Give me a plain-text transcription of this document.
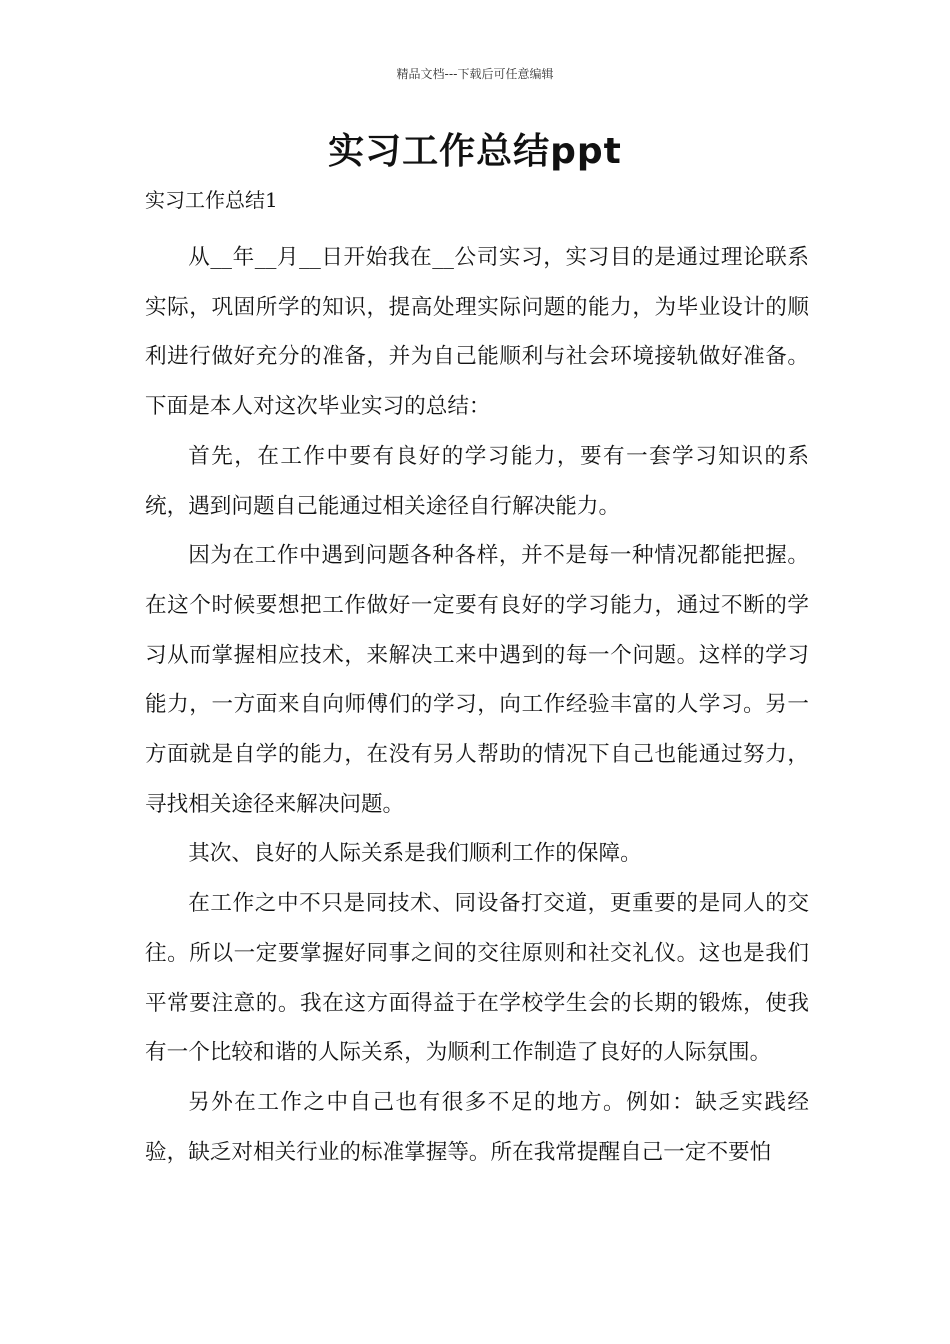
精品文档---下载后可任意编辑
实习工作总结ppt
实习工作总结1

从__年__月__日开始我在__公司实习，实习目的是通过理论联系实际，巩固所学的知识，提高处理实际问题的能力，为毕业设计的顺利进行做好充分的准备，并为自己能顺利与社会环境接轨做好准备。下面是本人对这次毕业实习的总结：

首先，在工作中要有良好的学习能力，要有一套学习知识的系统，遇到问题自己能通过相关途径自行解决能力。

因为在工作中遇到问题各种各样，并不是每一种情况都能把握。在这个时候要想把工作做好一定要有良好的学习能力，通过不断的学习从而掌握相应技术，来解决工来中遇到的每一个问题。这样的学习能力，一方面来自向师傅们的学习，向工作经验丰富的人学习。另一方面就是自学的能力，在没有另人帮助的情况下自己也能通过努力，寻找相关途径来解决问题。

其次、良好的人际关系是我们顺利工作的保障。

在工作之中不只是同技术、同设备打交道，更重要的是同人的交往。所以一定要掌握好同事之间的交往原则和社交礼仪。这也是我们平常要注意的。我在这方面得益于在学校学生会的长期的锻炼，使我有一个比较和谐的人际关系，为顺利工作制造了良好的人际氛围。

另外在工作之中自己也有很多不足的地方。例如：缺乏实践经验，缺乏对相关行业的标准掌握等。所在我常提醒自己一定不要怕
